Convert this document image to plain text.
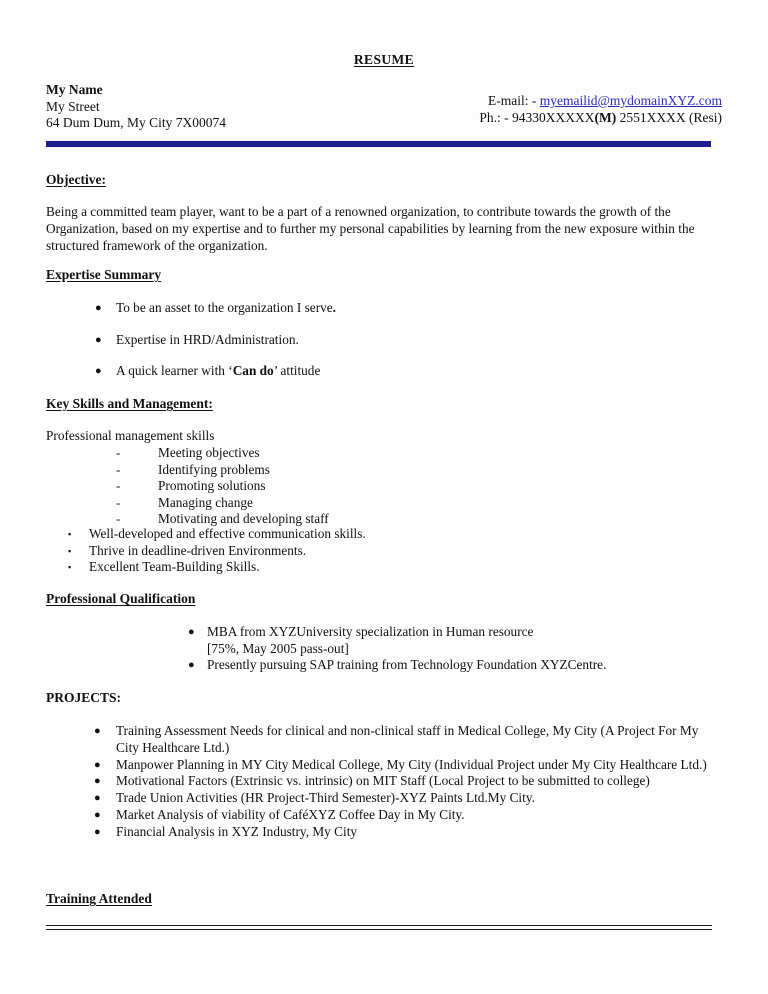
RESUME
My Name
My Street
64 Dum Dum, My City 7X00074
E-mail: - myemailid@mydomainXYZ.com
Ph.: - 94330XXXXX(M) 2551XXXX (Resi)
Objective:
Being a committed team player, want to be a part of a renowned organization, to contribute towards the growth of the Organization, based on my expertise and to further my personal capabilities by learning from the new exposure within the structured framework of the organization.
Expertise Summary
●	To be an asset to the organization I serve.
●	Expertise in HRD/Administration.
●	A quick learner with ‘Can do’ attitude
Key Skills and Management:
Professional management skills
-	Meeting objectives
-	Identifying problems
-	Promoting solutions
-	Managing change
-	Motivating and developing staff
▪	Well-developed and effective communication skills.
▪	Thrive in deadline-driven Environments.
▪	Excellent Team-Building Skills.
Professional Qualification
● MBA from XYZUniversity specialization in Human resource
[75%, May 2005 pass-out]
● Presently pursuing SAP training from Technology Foundation XYZCentre.
PROJECTS:
●	Training Assessment Needs for clinical and non-clinical staff in Medical College, My City (A Project For My City Healthcare Ltd.)
●	Manpower Planning in MY City Medical College, My City (Individual Project under My City Healthcare Ltd.)
●	Motivational Factors (Extrinsic vs. intrinsic) on MIT Staff (Local Project to be submitted to college)
●	Trade Union Activities (HR Project-Third Semester)-XYZ Paints Ltd.My City.
●	Market Analysis of viability of CaféXYZ Coffee Day in My City.
●	Financial Analysis in XYZ Industry, My City
Training Attended
